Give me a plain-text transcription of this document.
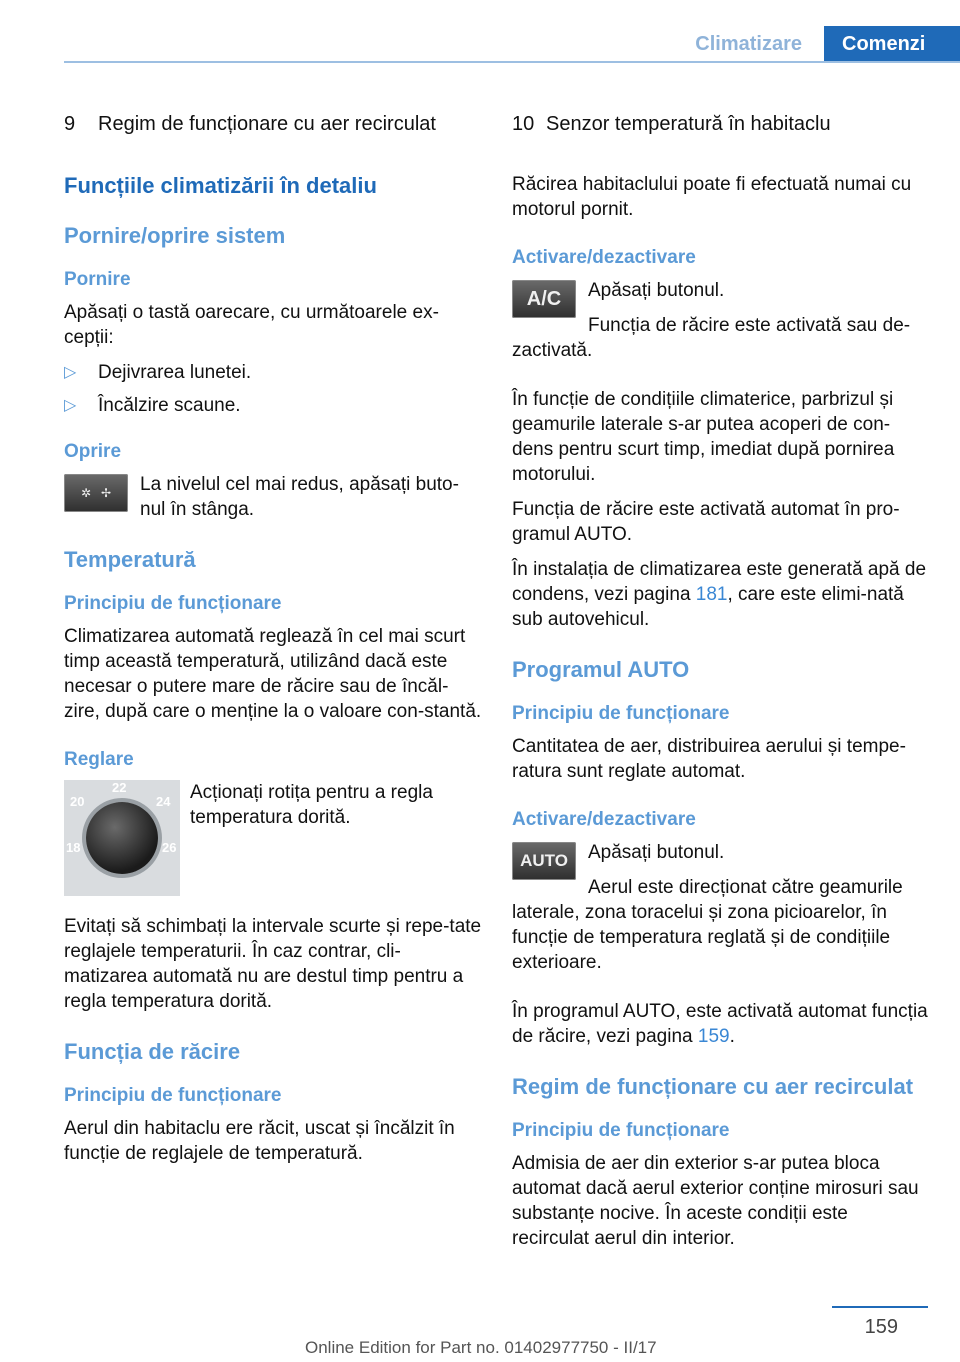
Climatizare	Comenzi
9	Regim de funcționare cu aer recirculat
Funcțiile climatizării în detaliu
Pornire/oprire sistem
Pornire

Apăsați o tastă oarecare, cu următoarele ex‐cepții:

▷	Dejivrarea lunetei.
▷	Încălzire scaune.
Oprire
✲ ✢	La nivelul cel mai redus, apăsați buto‐nul în stânga.

Temperatură
Principiu de funcționare

Climatizarea automată reglează în cel mai scurt timp această temperatură, utilizând dacă este necesar o putere mare de răcire sau de încăl‐zire, după care o menține la o valoare con‐stantă.

Reglare
22
20	24
18	26

Acționați rotița pentru a regla temperatura dorită.

Evitați să schimbați la intervale scurte și repe‐tate reglajele temperaturii. În caz contrar, cli‐matizarea automată nu are destul timp pentru a regla temperatura dorită.

Funcția de răcire
Principiu de funcționare

Aerul din habitaclu ere răcit, uscat și încălzit în funcție de reglajele de temperatură.

10 Senzor temperatură în habitaclu

Răcirea habitaclului poate fi efectuată numai cu motorul pornit.

Activare/dezactivare
A/C	Apăsați butonul.

Funcția de răcire este activată sau de‐zactivată.

În funcție de condițiile climaterice, parbrizul și geamurile laterale s-ar putea acoperi de con‐dens pentru scurt timp, imediat după pornirea motorului.

Funcția de răcire este activată automat în pro‐gramul AUTO.

În instalația de climatizarea este generată apă de condens, vezi pagina 181, care este elimi‐nată sub autovehicul.

Programul AUTO
Principiu de funcționare

Cantitatea de aer, distribuirea aerului și tempe‐ratura sunt reglate automat.

Activare/dezactivare
AUTO	Apăsați butonul.

Aerul este direcționat către geamurile laterale, zona toracelui și zona picioarelor, în funcție de temperatura reglată și de condițiile exterioare.

În programul AUTO, este activată automat funcția de răcire, vezi pagina 159.

Regim de funcționare cu aer recirculat
Principiu de funcționare

Admisia de aer din exterior s-ar putea bloca automat dacă aerul exterior conține mirosuri sau substanțe nocive. În aceste condiții este recirculat aerul din interior.

159
Online Edition for Part no. 01402977750 - II/17
